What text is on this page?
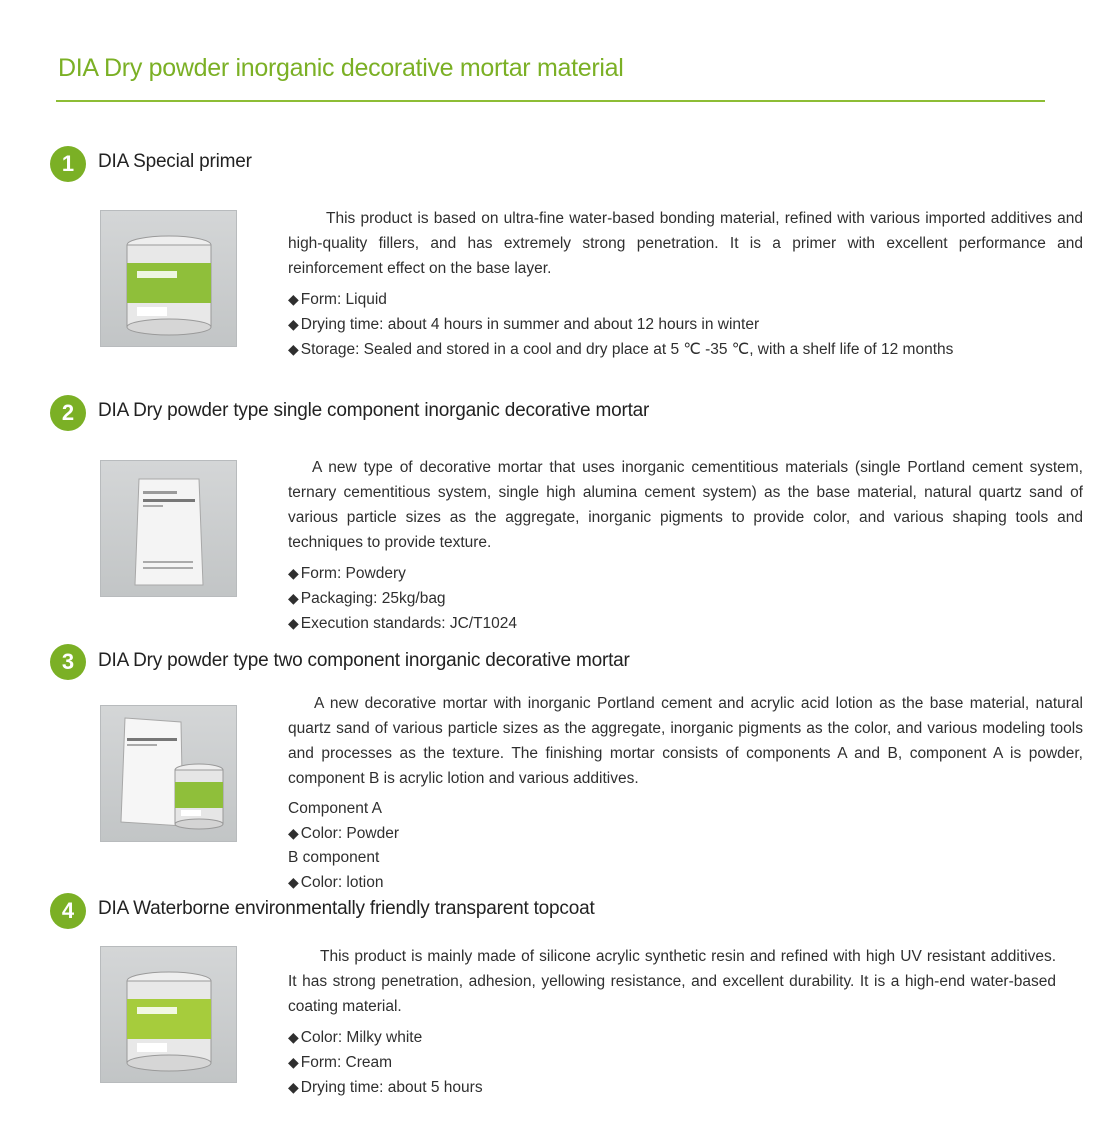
DIA Dry powder inorganic decorative mortar material
1	DIA Special primer

This product is based on ultra-fine water-based bonding material, refined with various imported additives and high-quality fillers, and has extremely strong penetration. It is a primer with excellent performance and reinforcement effect on the base layer.

◆ Form: Liquid
◆ Drying time: about 4 hours in summer and about 12 hours in winter
◆ Storage: Sealed and stored in a cool and dry place at 5 ℃ -35 ℃, with a shelf life of 12 months
2	DIA Dry powder type single component inorganic decorative mortar

A new type of decorative mortar that uses inorganic cementitious materials (single Portland cement system, ternary cementitious system, single high alumina cement system) as the base material, natural quartz sand of various particle sizes as the aggregate, inorganic pigments to provide color, and various shaping tools and techniques to provide texture.

◆ Form: Powdery
◆ Packaging: 25kg/bag
◆ Execution standards: JC/T1024
3	DIA Dry powder type two component inorganic decorative mortar

A new decorative mortar with inorganic Portland cement and acrylic acid lotion as the base material, natural quartz sand of various particle sizes as the aggregate, inorganic pigments as the color, and various modeling tools and processes as the texture. The finishing mortar consists of components A and B, component A is powder, component B is acrylic lotion and various additives.

Component A
◆ Color: Powder
B component
◆ Color: lotion
4	DIA Waterborne environmentally friendly transparent topcoat

This product is mainly made of silicone acrylic synthetic resin and refined with high UV resistant additives. It has strong penetration, adhesion, yellowing resistance, and excellent durability. It is a high-end water-based coating material.

◆ Color: Milky white
◆ Form: Cream
◆ Drying time: about 5 hours
